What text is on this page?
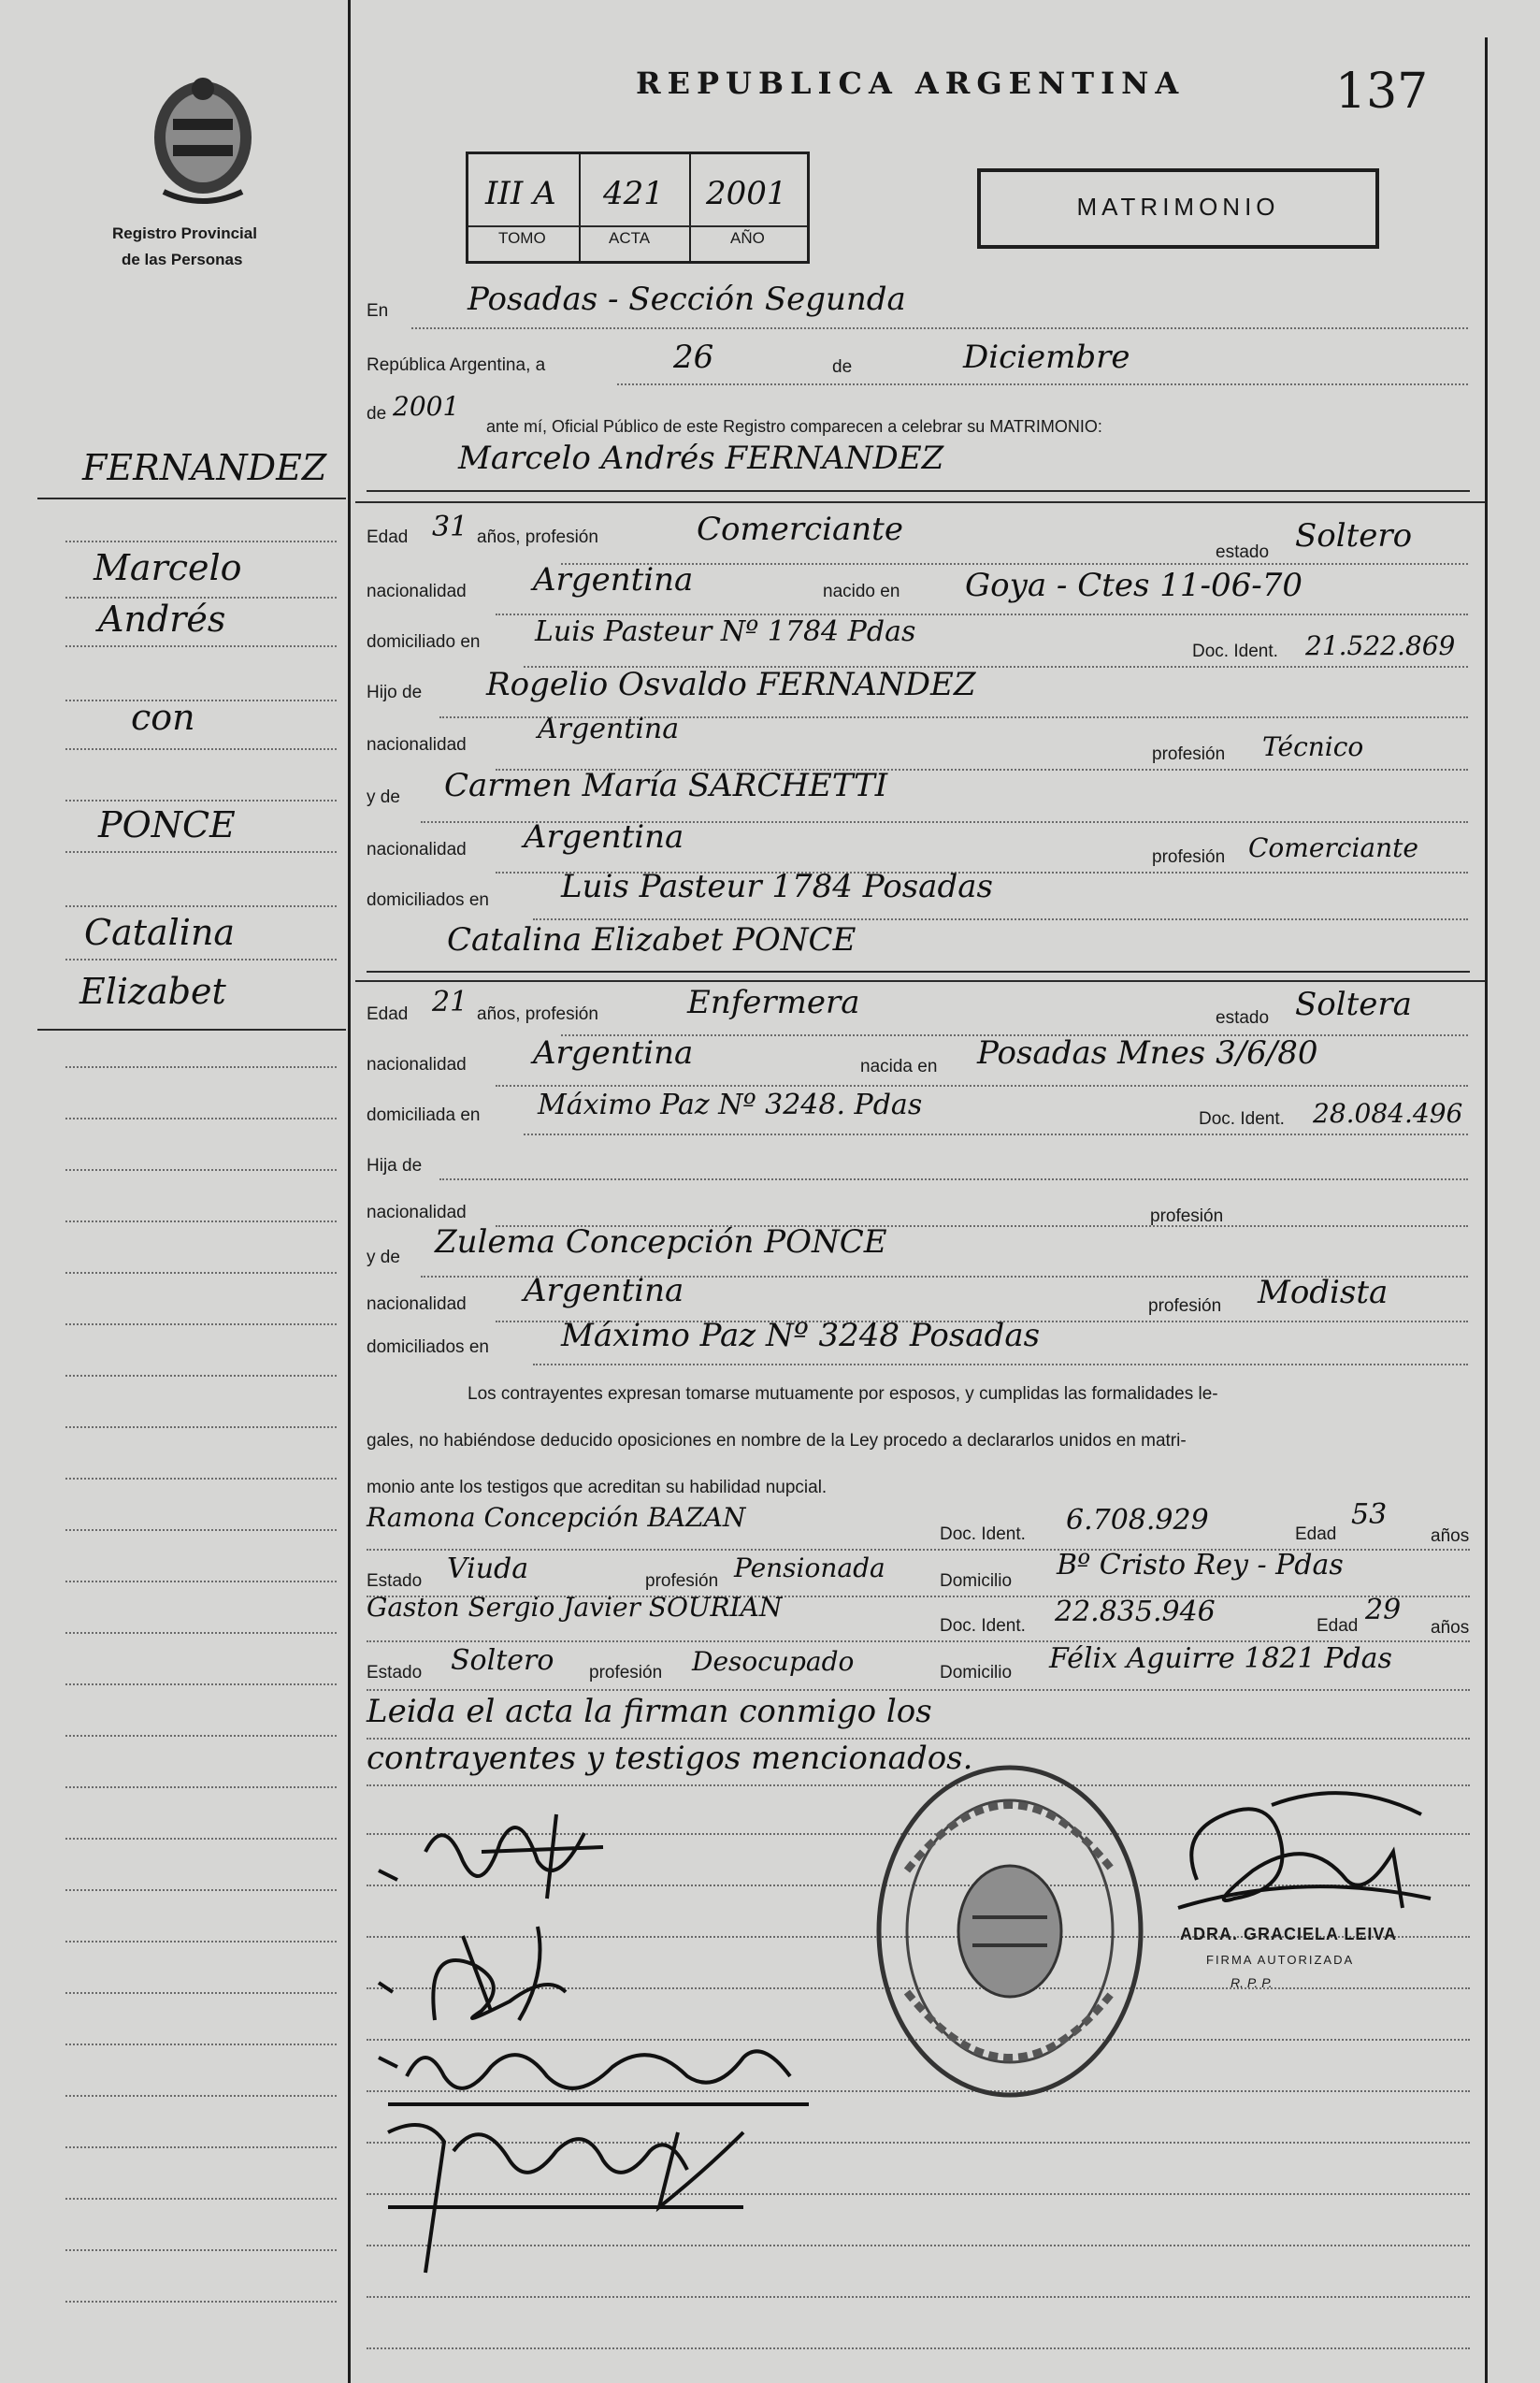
Registro Provincial
de las Personas
FERNANDEZ
Marcelo
Andrés
con
PONCE
Catalina
Elizabet
REPUBLICA ARGENTINA	137
III A
TOMO
421
ACTA
2001
AÑO
MATRIMONIO
En Posadas - Sección Segunda
República Argentina, a	26	de	Diciembre
de 2001
ante mí, Oficial Público de este Registro comparecen a celebrar su MATRIMONIO:
Marcelo Andrés FERNANDEZ
Edad 31 años, profesión	Comerciante
estado Soltero
nacionalidad Argentina	nacido en Goya - Ctes 11-06-70
domiciliado en Luis Pasteur Nº 1784 Pdas
Doc. Ident. 21.522.869
Hijo de Rogelio Osvaldo FERNANDEZ
nacionalidad	Argentina
profesión Técnico
y de Carmen María SARCHETTI
nacionalidad Argentina
profesión Comerciante
domiciliados en Luis Pasteur 1784 Posadas
Catalina Elizabet PONCE
Edad 21 años, profesión	Enfermera	estado Soltera
nacionalidad Argentina	nacida en Posadas Mnes 3/6/80
domiciliada en Máximo Paz Nº 3248. Pdas	Doc. Ident. 28.084.496
Hija de
nacionalidad	profesión
y de Zulema Concepción PONCE
nacionalidad Argentina	profesión Modista
domiciliados en Máximo Paz Nº 3248 Posadas
Los contrayentes expresan tomarse mutuamente por esposos, y cumplidas las formalidades le-
gales, no habiéndose deducido oposiciones en nombre de la Ley procedo a declararlos unidos en matri-
monio ante los testigos que acreditan su habilidad nupcial.
Ramona Concepción BAZAN
Doc. Ident. 6.708.929	Edad
53
años
Estado Viuda	profesión Pensionada	Domicilio Bº Cristo Rey - Pdas
Gaston Sergio Javier SOURIAN
Doc. Ident. 22.835.946	Edad 29
años
Estado Soltero profesión Desocupado	Domicilio Félix Aguirre 1821 Pdas
Leida el acta la firman conmigo los
contrayentes y testigos mencionados.
ADRA. GRACIELA LEIVA
FIRMA AUTORIZADA
R. P. P.
